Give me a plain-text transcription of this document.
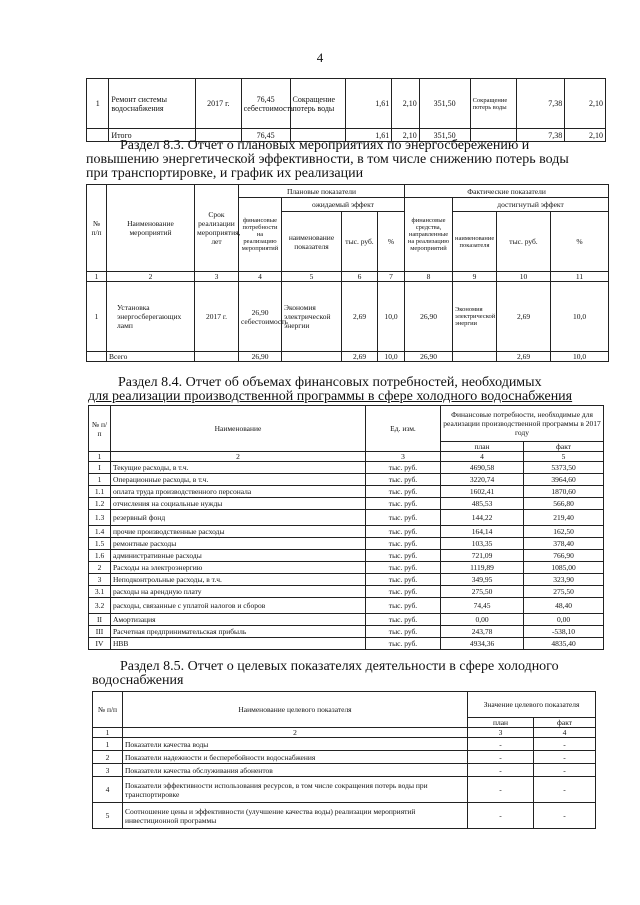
4
1	Ремонт системы водоснабжения	2017 г.	76,45 себестоимость	Сокращение потерь воды	1,61	2,10	351,50	Сокращение потерь воды	7,38	2,10
	Итого		76,45		1,61	2,10	351,50		7,38	2,10
Раздел 8.3. Отчет о плановых мероприятиях по энергосбережению и
повышению энергетической эффективности, в том числе снижению потерь воды
при транспортировке, и график их реализации
№ п/п	Наименование мероприятий	Срок реализации мероприятия, лет	Плановые показатели				Фактические показатели			
			финансовые потребности на реализацию мероприятий	ожидаемый эффект			финансовые средства, направленные на реализацию мероприятий	достигнутый эффект		
				наименование показателя	тыс. руб.	%		наименование показателя	тыс. руб.	%
1	2	3	4	5	6	7	8	9	10	11
1	Установка энергосберегающих ламп	2017 г.	26,90 себестоимость	Экономия электрической энергии	2,69	10,0	26,90	Экономия электрической энергии	2,69	10,0
	Всего		26,90		2,69	10,0	26,90		2,69	10,0
Раздел 8.4. Отчет об объемах финансовых потребностей, необходимых
для реализации производственной программы в сфере холодного водоснабжения
№ п/п	Наименование	Ед. изм.	Финансовые потребности, необходимые для реализации производственной программы в 2017 году	
			план	факт
1	2	3	4	5
I	Текущие расходы, в т.ч.	тыс. руб.	4690,58	5373,50
1	Операционные расходы, в т.ч.	тыс. руб.	3220,74	3964,60
1.1	оплата труда производственного персонала	тыс. руб.	1602,41	1870,60
1.2	отчисления на социальные нужды	тыс. руб.	485,53	566,80
1.3	резервный фонд	тыс. руб.	144,22	219,40
1.4	прочие производственные расходы	тыс. руб.	164,14	162,50
1.5	ремонтные расходы	тыс. руб.	103,35	378,40
1.6	административные расходы	тыс. руб.	721,09	766,90
2	Расходы на электроэнергию	тыс. руб.	1119,89	1085,00
3	Неподконтрольные расходы, в т.ч.	тыс. руб.	349,95	323,90
3.1	расходы на арендную плату	тыс. руб.	275,50	275,50
3.2	расходы, связанные с уплатой налогов и сборов	тыс. руб.	74,45	48,40
II	Амортизация	тыс. руб.	0,00	0,00
III	Расчетная предпринимательская прибыль	тыс. руб.	243,78	-538,10
IV	НВВ	тыс. руб.	4934,36	4835,40
Раздел 8.5. Отчет о целевых показателях деятельности в сфере холодного
водоснабжения
№ п/п	Наименование целевого показателя	Значение целевого показателя	
		план	факт
1	2	3	4
1	Показатели качества воды	-	-
2	Показатели надежности и бесперебойности водоснабжения	-	-
3	Показатели качества обслуживания абонентов	-	-
4	Показатели эффективности использования ресурсов, в том числе сокращения потерь воды при транспортировке	-	-
5	Соотношение цены и эффективности (улучшение качества воды) реализации мероприятий инвестиционной программы	-	-
